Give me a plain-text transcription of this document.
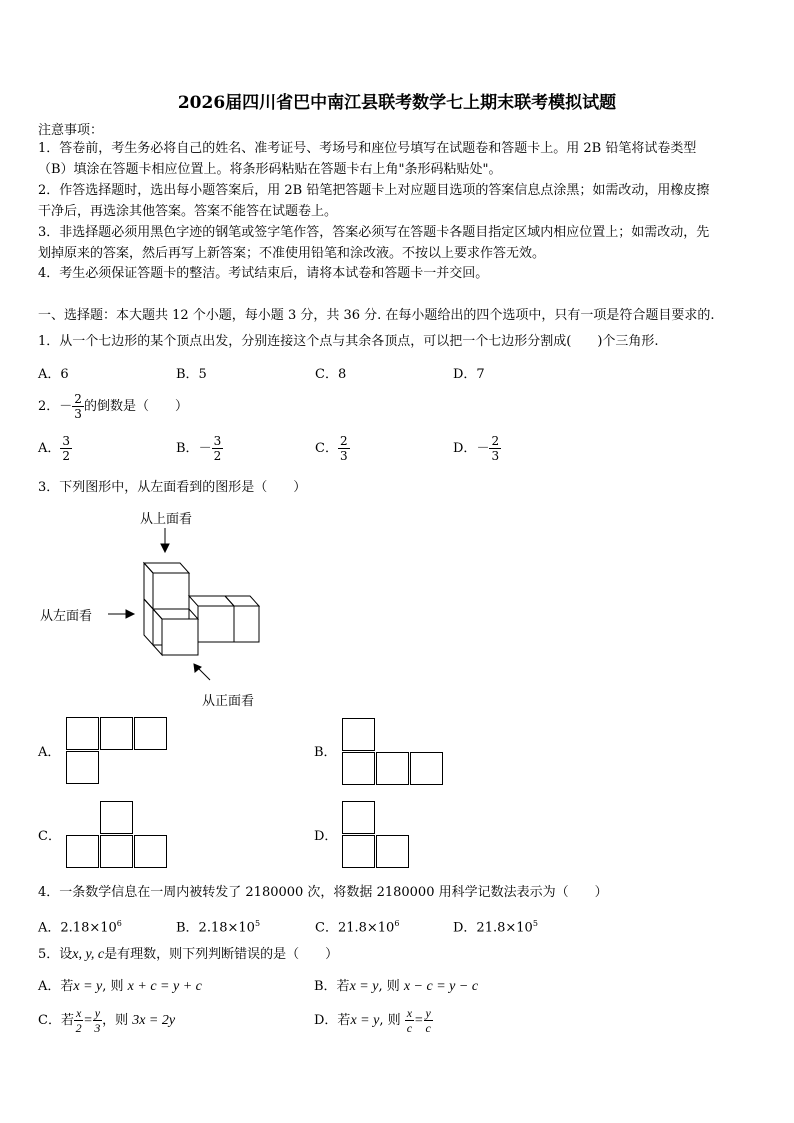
2026届四川省巴中南江县联考数学七上期末联考模拟试题
注意事项：
1．答卷前，考生务必将自己的姓名、准考证号、考场号和座位号填写在试题卷和答题卡上。用 2B 铅笔将试卷类型
（B）填涂在答题卡相应位置上。将条形码粘贴在答题卡右上角"条形码粘贴处"。
2．作答选择题时，选出每小题答案后，用 2B 铅笔把答题卡上对应题目选项的答案信息点涂黑；如需改动，用橡皮擦
干净后，再选涂其他答案。答案不能答在试题卷上。
3．非选择题必须用黑色字迹的钢笔或签字笔作答，答案必须写在答题卡各题目指定区域内相应位置上；如需改动，先
划掉原来的答案，然后再写上新答案；不准使用铅笔和涂改液。不按以上要求作答无效。
4．考生必须保证答题卡的整洁。考试结束后，请将本试卷和答题卡一并交回。
一、选择题：本大题共 12 个小题，每小题 3 分，共 36 分. 在每小题给出的四个选项中，只有一项是符合题目要求的.
1．从一个七边形的某个顶点出发，分别连接这个点与其余各顶点，可以把一个七边形分割成(　　)个三角形.
A．6	B．5	C．8	D．7
2．－ $\frac{2}{3}$ 的倒数是（　　）
A． $\frac{3}{2}$	B．－ $\frac{3}{2}$	C． $\frac{2}{3}$	D．－ $\frac{2}{3}$
3．下列图形中，从左面看到的图形是（　　）
从上面看
从左面看
从正面看
A．	B．
C．	D．
4．一条数学信息在一周内被转发了 2180000 次，将数据 2180000 用科学记数法表示为（　　）
A．$2.18\times 10^6$	B．$2.18\times 10^5$	C．$21.8\times 10^6$	D．$21.8\times 10^5$
5．设x, y, c是有理数，则下列判断错误的是（　　）
A．若x = y, 则 x + c = y + c	B．若x = y, 则 x − c = y − c
C．若 $\frac{x}{2} = \frac{y}{3}$ ，则 3x = 2y	D．若x = y, 则 $\frac{x}{c} = \frac{y}{c}$
